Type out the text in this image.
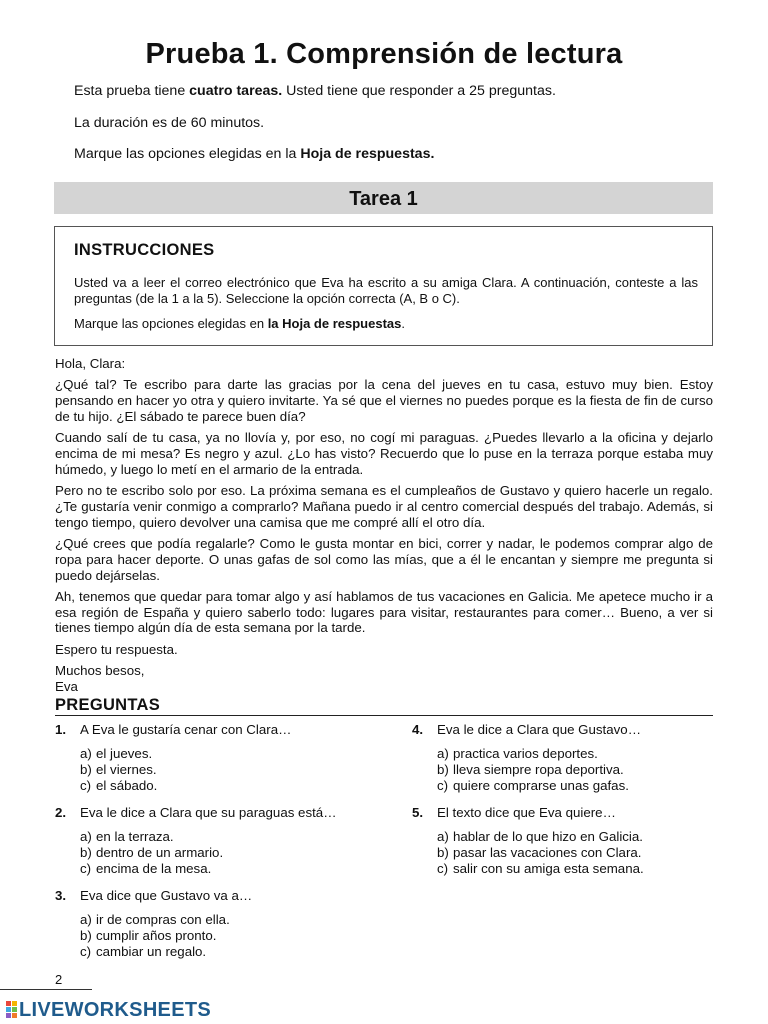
Prueba 1. Comprensión de lectura
Esta prueba tiene cuatro tareas. Usted tiene que responder a 25 preguntas.
La duración es de 60 minutos.
Marque las opciones elegidas en la Hoja de respuestas.
Tarea 1
INSTRUCCIONES
Usted va a leer el correo electrónico que Eva ha escrito a su amiga Clara. A continuación, conteste a las preguntas (de la 1 a la 5). Seleccione la opción correcta (A, B o C).
Marque las opciones elegidas en la Hoja de respuestas.

Hola, Clara:

¿Qué tal? Te escribo para darte las gracias por la cena del jueves en tu casa, estuvo muy bien. Estoy pensando en hacer yo otra y quiero invitarte. Ya sé que el viernes no puedes porque es la fiesta de fin de curso de tu hijo. ¿El sábado te parece buen día?

Cuando salí de tu casa, ya no llovía y, por eso, no cogí mi paraguas. ¿Puedes llevarlo a la oficina y dejarlo encima de mi mesa? Es negro y azul. ¿Lo has visto? Recuerdo que lo puse en la terraza porque estaba muy húmedo, y luego lo metí en el armario de la entrada.

Pero no te escribo solo por eso. La próxima semana es el cumpleaños de Gustavo y quiero hacerle un regalo. ¿Te gustaría venir conmigo a comprarlo? Mañana puedo ir al centro comercial después del trabajo. Además, si tengo tiempo, quiero devolver una camisa que me compré allí el otro día.

¿Qué crees que podía regalarle? Como le gusta montar en bici, correr y nadar, le podemos comprar algo de ropa para hacer deporte. O unas gafas de sol como las mías, que a él le encantan y siempre me pregunta si puedo dejárselas.

Ah, tenemos que quedar para tomar algo y así hablamos de tus vacaciones en Galicia. Me apetece mucho ir a esa región de España y quiero saberlo todo: lugares para visitar, restaurantes para comer… Bueno, a ver si tienes tiempo algún día de esta semana por la tarde.

Espero tu respuesta.

Muchos besos,
Eva

PREGUNTAS
1.	A Eva le gustaría cenar con Clara…
a) el jueves.
b) el viernes.
c) el sábado.
2.	Eva le dice a Clara que su paraguas está…
a) en la terraza.
b) dentro de un armario.
c) encima de la mesa.
3.	Eva dice que Gustavo va a…
a) ir de compras con ella.
b) cumplir años pronto.
c) cambiar un regalo.
4.	Eva le dice a Clara que Gustavo…
a) practica varios deportes.
b) lleva siempre ropa deportiva.
c) quiere comprarse unas gafas.
5.	El texto dice que Eva quiere…
a) hablar de lo que hizo en Galicia.
b) pasar las vacaciones con Clara.
c) salir con su amiga esta semana.
2
LIVEWORKSHEETS
